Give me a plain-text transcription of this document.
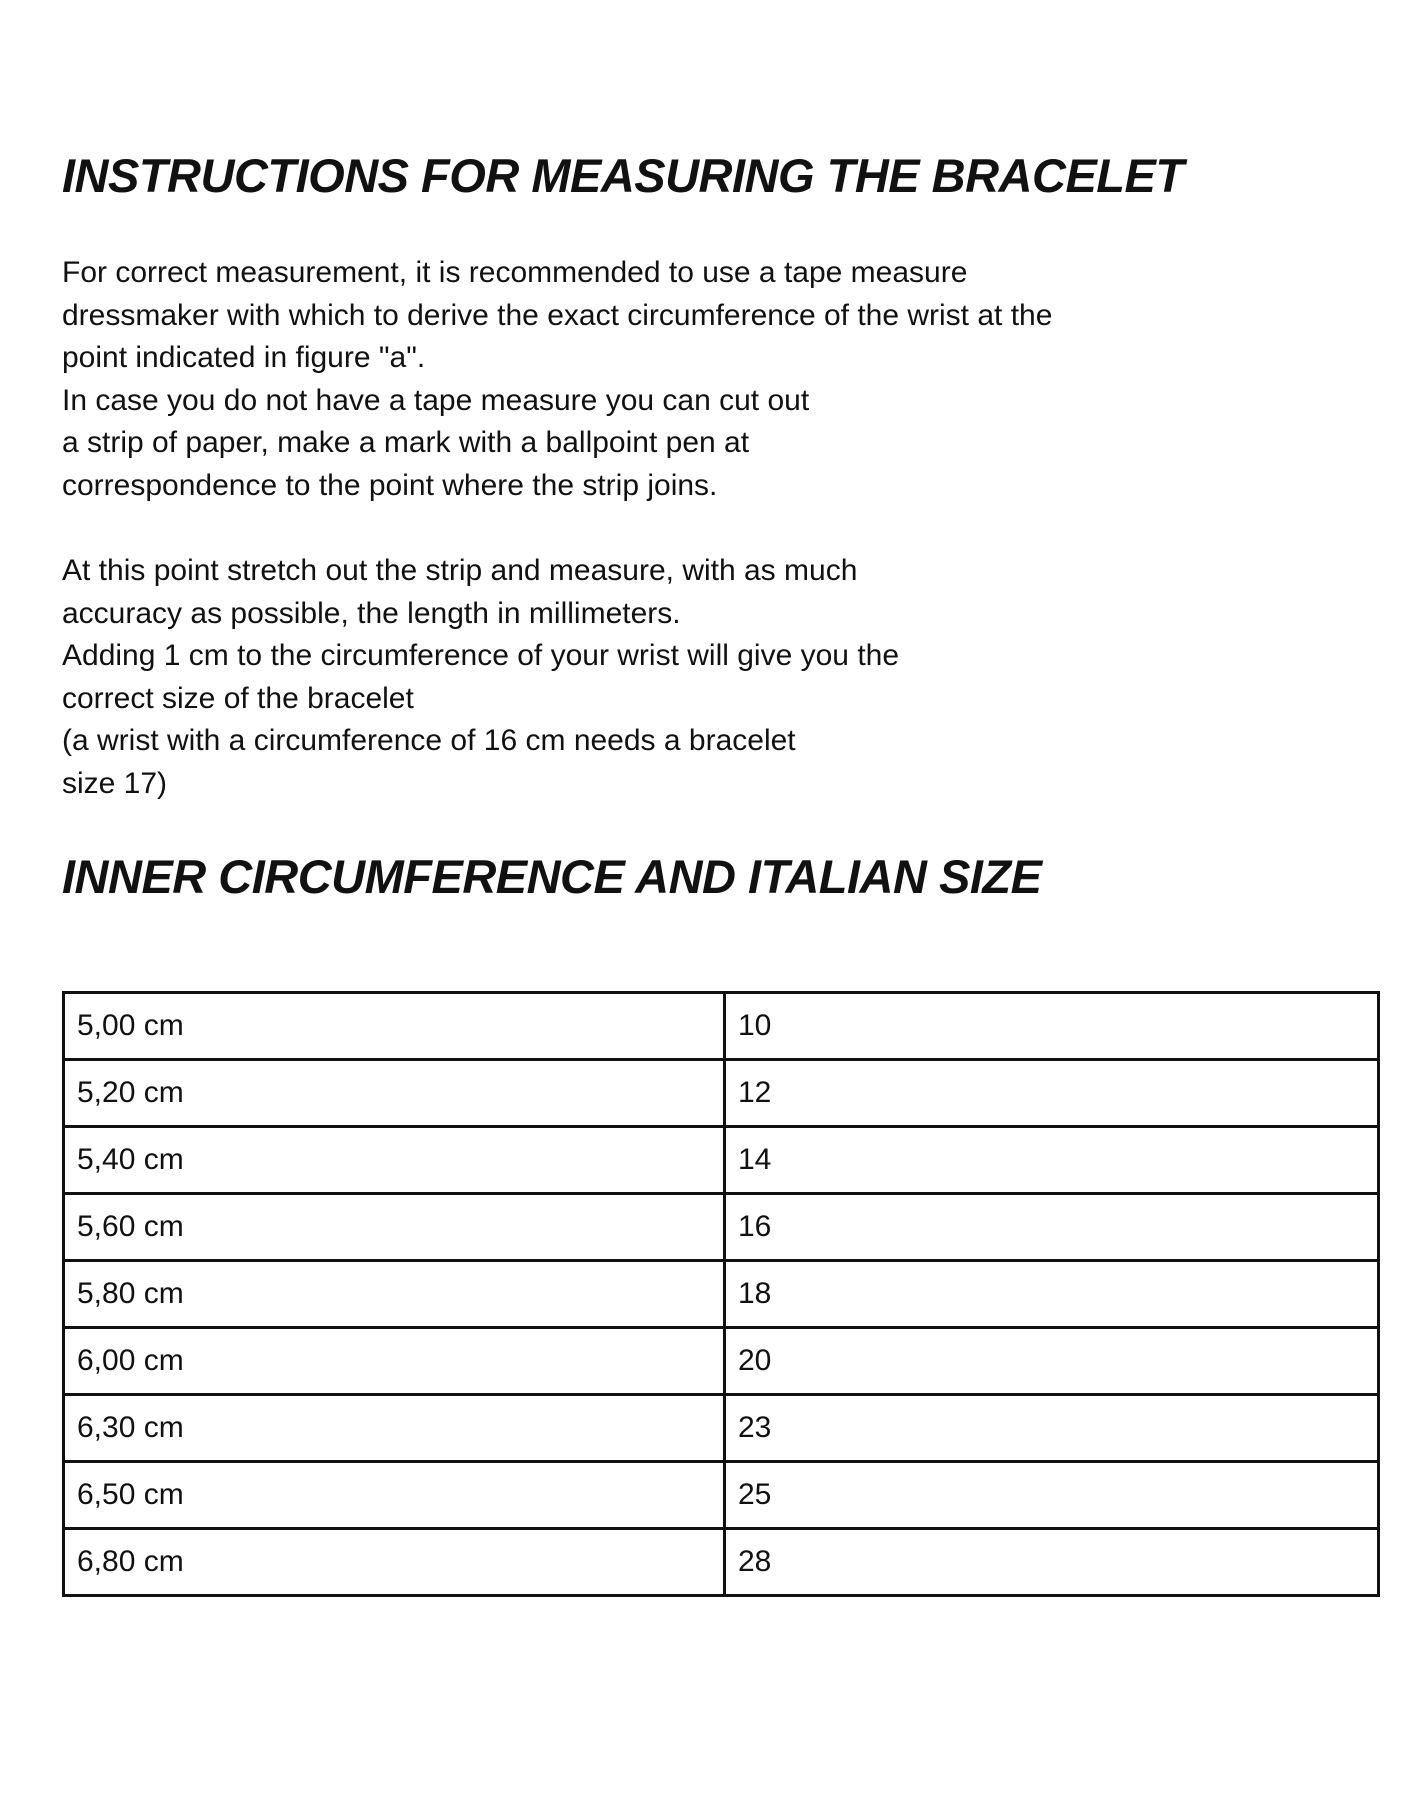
INSTRUCTIONS FOR MEASURING THE BRACELET

For correct measurement, it is recommended to use a tape measure
dressmaker with which to derive the exact circumference of the wrist at the
point indicated in figure "a".
In case you do not have a tape measure you can cut out
a strip of paper, make a mark with a ballpoint pen at
correspondence to the point where the strip joins.

At this point stretch out the strip and measure, with as much
accuracy as possible, the length in millimeters.
Adding 1 cm to the circumference of your wrist will give you the
correct size of the bracelet
(a wrist with a circumference of 16 cm needs a bracelet
size 17)

INNER CIRCUMFERENCE AND ITALIAN SIZE
5,00 cm	10
5,20 cm	12
5,40 cm	14
5,60 cm	16
5,80 cm	18
6,00 cm	20
6,30 cm	23
6,50 cm	25
6,80 cm	28
